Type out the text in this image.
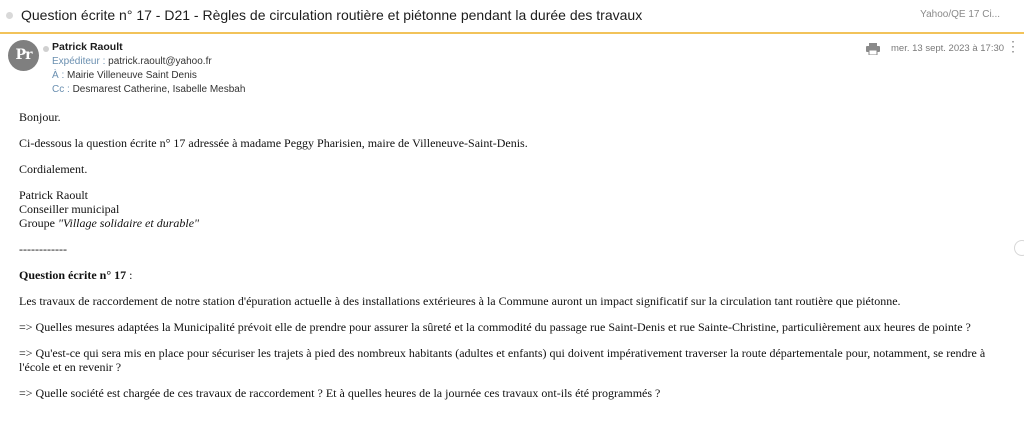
Question écrite n° 17 - D21 - Règles de circulation routière et piétonne pendant la durée des travaux	Yahoo/QE 17 Ci...
Pr	Patrick Raoult
Expéditeur : patrick.raoult@yahoo.fr
À : Mairie Villeneuve Saint Denis
Cc : Desmarest Catherine, Isabelle Mesbah
mer. 13 sept. 2023 à 17:30 ⋮

Bonjour.

Ci-dessous la question écrite n° 17 adressée à madame Peggy Pharisien, maire de Villeneuve-Saint-Denis.

Cordialement.

Patrick Raoult

Conseiller municipal

Groupe "Village solidaire et durable"

------------

Question écrite n° 17 :

Les travaux de raccordement de notre station d'épuration actuelle à des installations extérieures à la Commune auront un impact significatif sur la circulation tant routière que piétonne.

=> Quelles mesures adaptées la Municipalité prévoit elle de prendre pour assurer la sûreté et la commodité du passage rue Saint-Denis et rue Sainte-Christine, particulièrement aux heures de pointe ?

=> Qu'est-ce qui sera mis en place pour sécuriser les trajets à pied des nombreux habitants (adultes et enfants) qui doivent impérativement traverser la route départementale pour, notamment, se rendre à l'école et en revenir ?

=> Quelle société est chargée de ces travaux de raccordement ? Et à quelles heures de la journée ces travaux ont-ils été programmés ?
